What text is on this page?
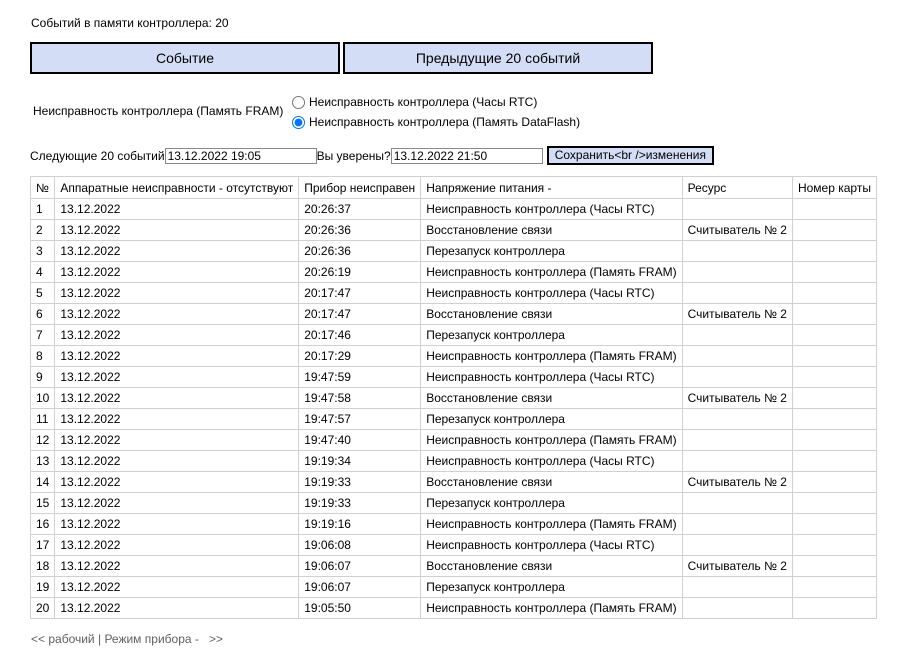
Событий в памяти контроллера: 20
Событие	Предыдущие 20 событий
Неисправность контроллера (Память FRAM)
Неисправность контроллера (Часы RTC)
Неисправность контроллера (Память DataFlash)
Следующие 20 событий
13.12.2022 19:05	Вы уверены?
13.12.2022 21:50	Сохранить<br />изменения
№	Аппаратные неисправности - отсутствуют	Прибор неисправен	Напряжение питания -	Ресурс	Номер карты
1	13.12.2022	20:26:37	Неисправность контроллера (Часы RTC)		
2	13.12.2022	20:26:36	Восстановление связи	Считыватель № 2	
3	13.12.2022	20:26:36	Перезапуск контроллера		
4	13.12.2022	20:26:19	Неисправность контроллера (Память FRAM)		
5	13.12.2022	20:17:47	Неисправность контроллера (Часы RTC)		
6	13.12.2022	20:17:47	Восстановление связи	Считыватель № 2	
7	13.12.2022	20:17:46	Перезапуск контроллера		
8	13.12.2022	20:17:29	Неисправность контроллера (Память FRAM)		
9	13.12.2022	19:47:59	Неисправность контроллера (Часы RTC)		
10	13.12.2022	19:47:58	Восстановление связи	Считыватель № 2	
11	13.12.2022	19:47:57	Перезапуск контроллера		
12	13.12.2022	19:47:40	Неисправность контроллера (Память FRAM)		
13	13.12.2022	19:19:34	Неисправность контроллера (Часы RTC)		
14	13.12.2022	19:19:33	Восстановление связи	Считыватель № 2	
15	13.12.2022	19:19:33	Перезапуск контроллера		
16	13.12.2022	19:19:16	Неисправность контроллера (Память FRAM)		
17	13.12.2022	19:06:08	Неисправность контроллера (Часы RTC)		
18	13.12.2022	19:06:07	Восстановление связи	Считыватель № 2	
19	13.12.2022	19:06:07	Перезапуск контроллера		
20	13.12.2022	19:05:50	Неисправность контроллера (Память FRAM)		
<< рабочий | Режим прибора - >>
